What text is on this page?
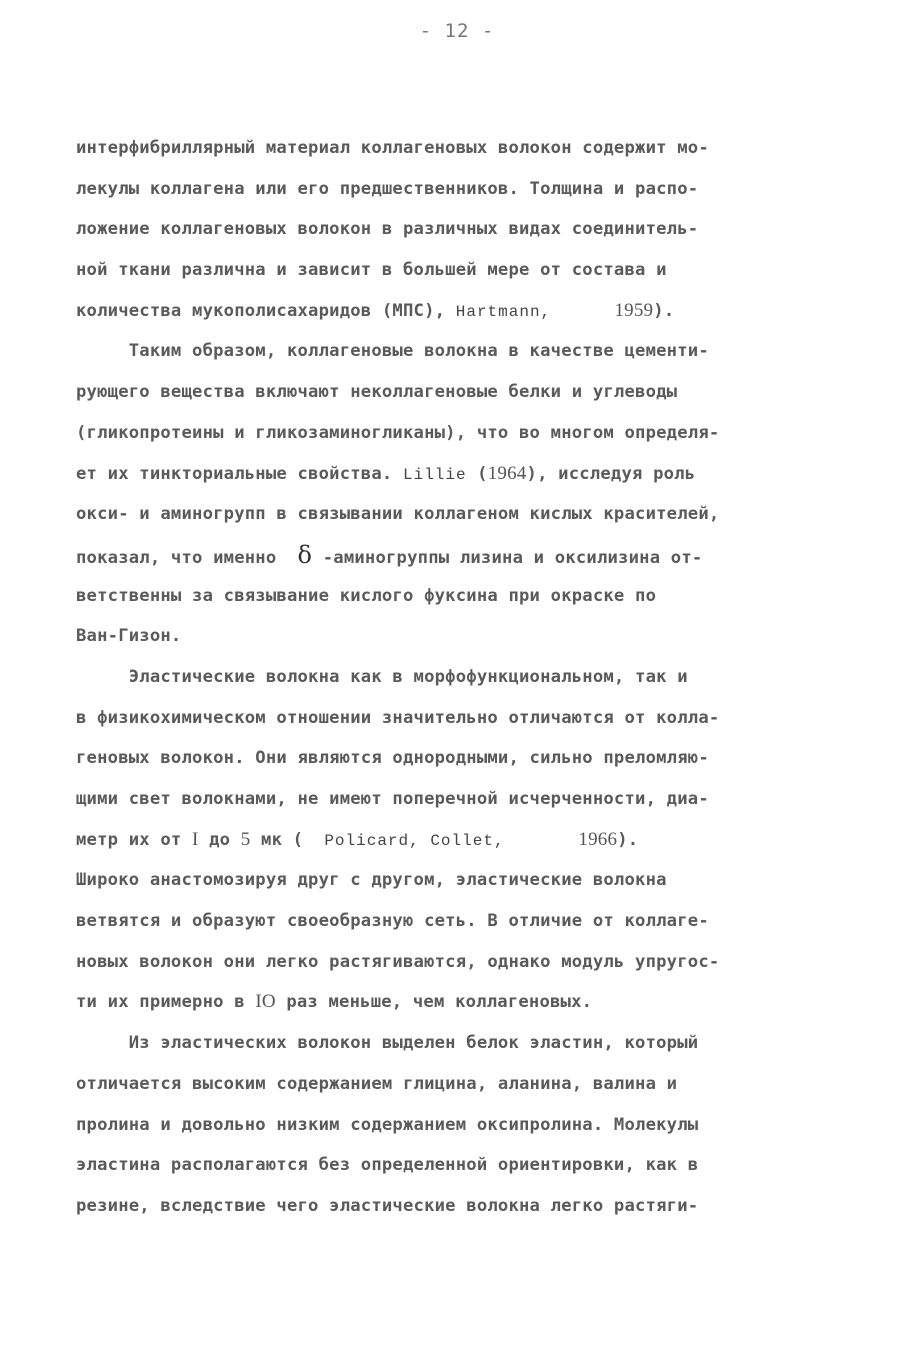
- 12 -
интерфибриллярный материал коллагеновых волокон содержит мо-
лекулы коллагена или его предшественников. Толщина и распо-
ложение коллагеновых волокон в различных видах соединитель-
ной ткани различна и зависит в большей мере от состава и
количества мукополисахаридов (МПС), Hartmann,	1959).
Таким образом, коллагеновые волокна в качестве цементи-
рующего вещества включают неколлагеновые белки и углеводы
(гликопротеины и гликозаминогликаны), что во многом определя-
ет их тинкториальные свойства. Lillie (1964), исследуя роль
окси- и аминогрупп в связывании коллагеном кислых красителей,
показал, что именно  δ -аминогруппы лизина и оксилизина от-
ветственны за связывание кислого фуксина при окраске по
Ван-Гизон.
Эластические волокна как в морфофункциональном, так и
в физикохимическом отношении значительно отличаются от колла-
геновых волокон. Они являются однородными, сильно преломляю-
щими свет волокнами, не имеют поперечной исчерченности, диа-
метр их от I до 5 мк (  Policard, Collet,	1966).
Широко анастомозируя друг с другом, эластические волокна
ветвятся и образуют своеобразную сеть. В отличие от коллаге-
новых волокон они легко растягиваются, однако модуль упругос-
ти их примерно в IO раз меньше, чем коллагеновых.
Из эластических волокон выделен белок эластин, который
отличается высоким содержанием глицина, аланина, валина и
пролина и довольно низким содержанием оксипролина. Молекулы
эластина располагаются без определенной ориентировки, как в
резине, вследствие чего эластические волокна легко растяги-
